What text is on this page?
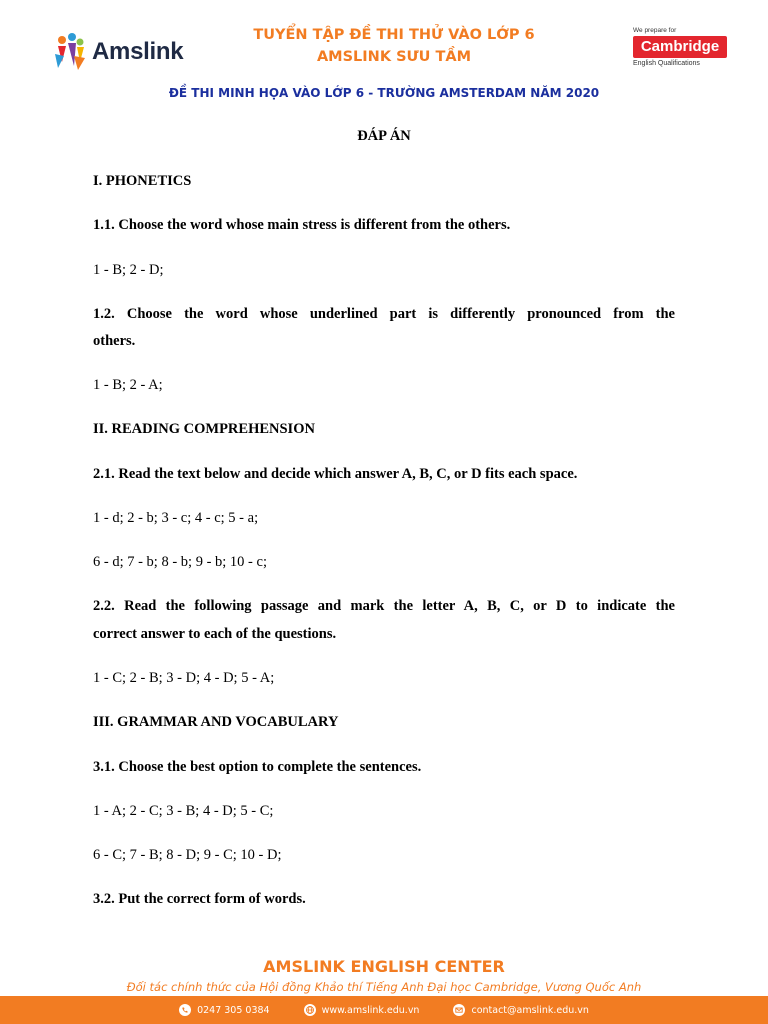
Amslink
TUYỂN TẬP ĐỀ THI THỬ VÀO LỚP 6
AMSLINK SƯU TẦM
We prepare for
Cambridge
English Qualifications
ĐỀ THI MINH HỌA VÀO LỚP 6 - TRƯỜNG AMSTERDAM NĂM 2020
ĐÁP ÁN
I. PHONETICS
1.1. Choose the word whose main stress is different from the others.
1 - B; 2 - D;
1.2. Choose the word whose underlined part is differently pronounced from the
others.
1 - B; 2 - A;
II. READING COMPREHENSION
2.1. Read the text below and decide which answer A, B, C, or D fits each space.
1 - d; 2 - b; 3 - c; 4 - c; 5 - a;
6 - d; 7 - b; 8 - b; 9 - b; 10 - c;
2.2. Read the following passage and mark the letter A, B, C, or D to indicate the
correct answer to each of the questions.
1 - C; 2 - B; 3 - D; 4 - D; 5 - A;
III. GRAMMAR AND VOCABULARY
3.1. Choose the best option to complete the sentences.
1 - A; 2 - C; 3 - B; 4 - D; 5 - C;
6 - C; 7 - B; 8 - D; 9 - C; 10 - D;
3.2. Put the correct form of words.
AMSLINK ENGLISH CENTER
Đối tác chính thức của Hội đồng Khảo thí Tiếng Anh Đại học Cambridge, Vương Quốc Anh
0247 305 0384	www.amslink.edu.vn	contact@amslink.edu.vn
